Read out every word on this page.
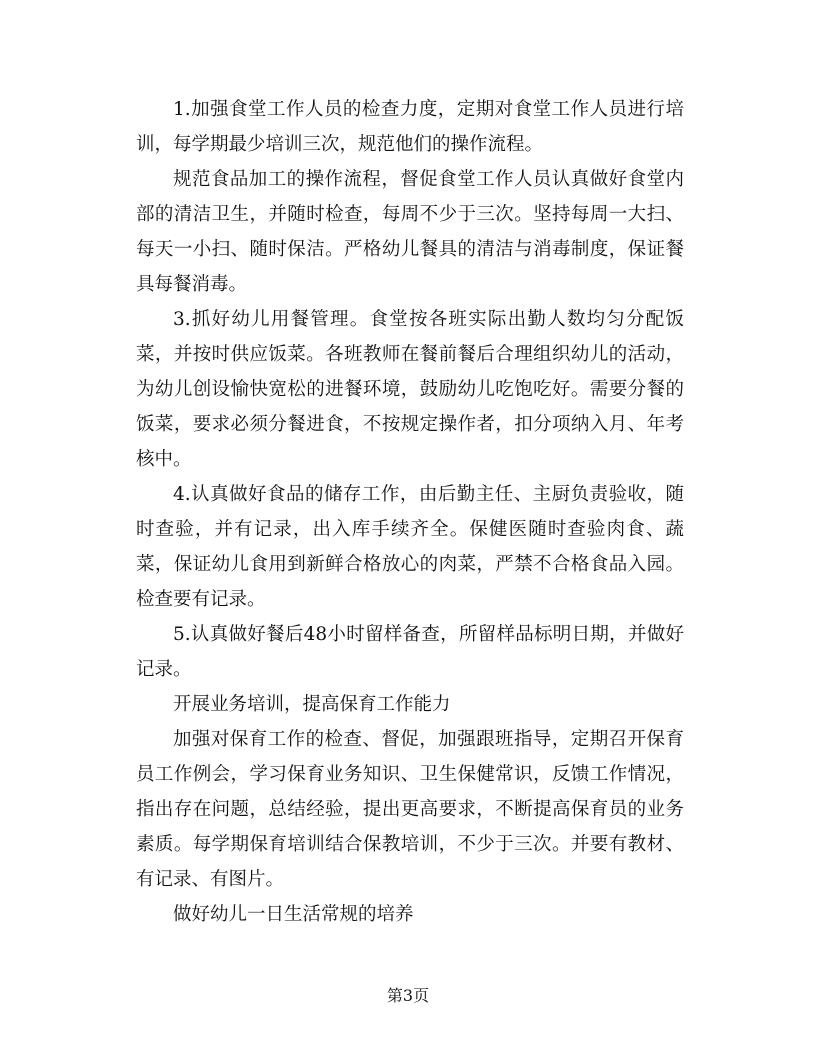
1.加强食堂工作人员的检查力度，定期对食堂工作人员进行培训，每学期最少培训三次，规范他们的操作流程。

规范食品加工的操作流程，督促食堂工作人员认真做好食堂内部的清洁卫生，并随时检查，每周不少于三次。坚持每周一大扫、每天一小扫、随时保洁。严格幼儿餐具的清洁与消毒制度，保证餐具每餐消毒。

3.抓好幼儿用餐管理。食堂按各班实际出勤人数均匀分配饭菜，并按时供应饭菜。各班教师在餐前餐后合理组织幼儿的活动，为幼儿创设愉快宽松的进餐环境，鼓励幼儿吃饱吃好。需要分餐的饭菜，要求必须分餐进食，不按规定操作者，扣分项纳入月、年考核中。

4.认真做好食品的储存工作，由后勤主任、主厨负责验收，随时查验，并有记录，出入库手续齐全。保健医随时查验肉食、蔬菜，保证幼儿食用到新鲜合格放心的肉菜，严禁不合格食品入园。检查要有记录。

5.认真做好餐后48小时留样备查，所留样品标明日期，并做好记录。

开展业务培训，提高保育工作能力

加强对保育工作的检查、督促，加强跟班指导，定期召开保育员工作例会，学习保育业务知识、卫生保健常识，反馈工作情况，指出存在问题，总结经验，提出更高要求，不断提高保育员的业务素质。每学期保育培训结合保教培训，不少于三次。并要有教材、有记录、有图片。

做好幼儿一日生活常规的培养

第3页
